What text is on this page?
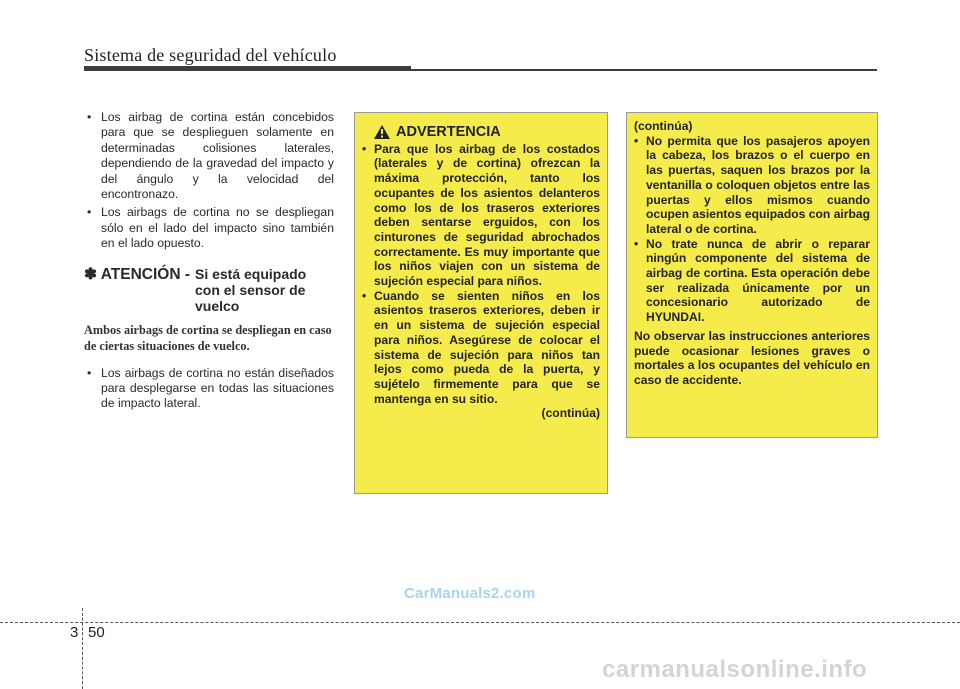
Sistema de seguridad del vehículo
• Los airbag de cortina están concebidos para que se desplieguen solamente en determinadas colisiones laterales, dependiendo de la gravedad del impacto y del ángulo y la velocidad del encontronazo.
• Los airbags de cortina no se despliegan sólo en el lado del impacto sino también en el lado opuesto.
✽ ATENCIÓN - Si está equipado con el sensor de vuelco
Ambos airbags de cortina se despliegan en caso de ciertas situaciones de vuelco.
• Los airbags de cortina no están diseñados para desplegarse en todas las situaciones de impacto lateral.
ADVERTENCIA
• Para que los airbag de los costados (laterales y de cortina) ofrezcan la máxima protección, tanto los ocupantes de los asientos delanteros como los de los traseros exteriores deben sentarse erguidos, con los cinturones de seguridad abrochados correctamente. Es muy importante que los niños viajen con un sistema de sujeción especial para niños.
• Cuando se sienten niños en los asientos traseros exteriores, deben ir en un sistema de sujeción especial para niños. Asegúrese de colocar el sistema de sujeción para niños tan lejos como pueda de la puerta, y sujételo firmemente para que se mantenga en su sitio.
(continúa)
(continúa)
• No permita que los pasajeros apoyen la cabeza, los brazos o el cuerpo en las puertas, saquen los brazos por la ventanilla o coloquen objetos entre las puertas y ellos mismos cuando ocupen asientos equipados con airbag lateral o de cortina.
• No trate nunca de abrir o reparar ningún componente del sistema de airbag de cortina. Esta operación debe ser realizada únicamente por un concesionario autorizado de HYUNDAI.
No observar las instrucciones anteriores puede ocasionar lesiones graves o mortales a los ocupantes del vehículo en caso de accidente.
CarManuals2.com
3 50
carmanualsonline.info
